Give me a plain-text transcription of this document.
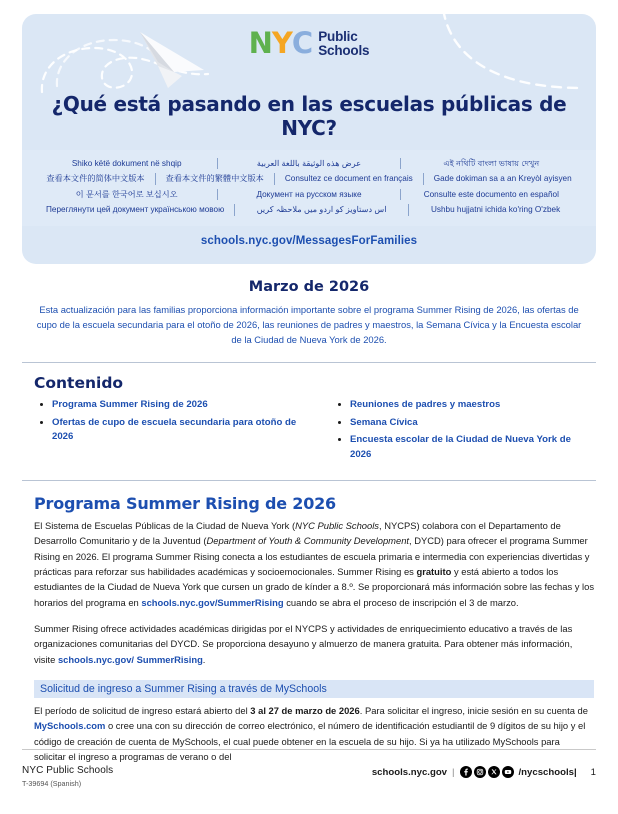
N Y C Public
Schools
¿Qué está pasando en las escuelas públicas de NYC?
Shiko këtë dokument në shqip	عرض هذه الوثيقة باللغة العربية	এই নথিটি বাংলা ভাষায় দেখুন
查看本文件的简体中文版本	查看本文件的繁體中文版本	Consultez ce document en français	Gade dokiman sa a an Kreyòl ayisyen
이 문서를 한국어로 보십시오	Документ на русском языке	Consulte este documento en español
Переглянути цей документ українською мовою	اس دستاویز کو اردو میں ملاحظہ کریں	Ushbu hujjatni ichida ko'ring O'zbek
schools.nyc.gov/MessagesForFamilies
Marzo de 2026
Esta actualización para las familias proporciona información importante sobre el programa Summer Rising de 2026, las ofertas de cupo de la escuela secundaria para el otoño de 2026, las reuniones de padres y maestros, la Semana Cívica y la Encuesta escolar de la Ciudad de Nueva York de 2026.
Contenido
• Programa Summer Rising de 2026
• Ofertas de cupo de escuela secundaria para otoño de 2026
• Reuniones de padres y maestros
• Semana Cívica
• Encuesta escolar de la Ciudad de Nueva York de 2026
Programa Summer Rising de 2026

El Sistema de Escuelas Públicas de la Ciudad de Nueva York (NYC Public Schools, NYCPS) colabora con el Departamento de Desarrollo Comunitario y de la Juventud (Department of Youth & Community Development, DYCD) para ofrecer el programa Summer Rising en 2026. El programa Summer Rising conecta a los estudiantes de escuela primaria e intermedia con experiencias divertidas y prácticas para reforzar sus habilidades académicas y socioemocionales. Summer Rising es gratuito y está abierto a todos los estudiantes de la Ciudad de Nueva York que cursen un grado de kínder a 8.º. Se proporcionará más información sobre las fechas y los horarios del programa en schools.nyc.gov/SummerRising cuando se abra el proceso de inscripción el 3 de marzo.

Summer Rising ofrece actividades académicas dirigidas por el NYCPS y actividades de enriquecimiento educativo a través de las organizaciones comunitarias del DYCD. Se proporciona desayuno y almuerzo de manera gratuita. Para obtener más información, visite schools.nyc.gov/ SummerRising.

Solicitud de ingreso a Summer Rising a través de MySchools

El período de solicitud de ingreso estará abierto del 3 al 27 de marzo de 2026. Para solicitar el ingreso, inicie sesión en su cuenta de MySchools.com o cree una con su dirección de correo electrónico, el número de identificación estudiantil de 9 dígitos de su hijo y el código de creación de cuenta de MySchools, el cual puede obtener en la escuela de su hijo. Si ya ha utilizado MySchools para solicitar el ingreso a programas de verano o del

NYC Public Schools
T-39694 (Spanish)
schools.nyc.gov |	/nycschools| 1
